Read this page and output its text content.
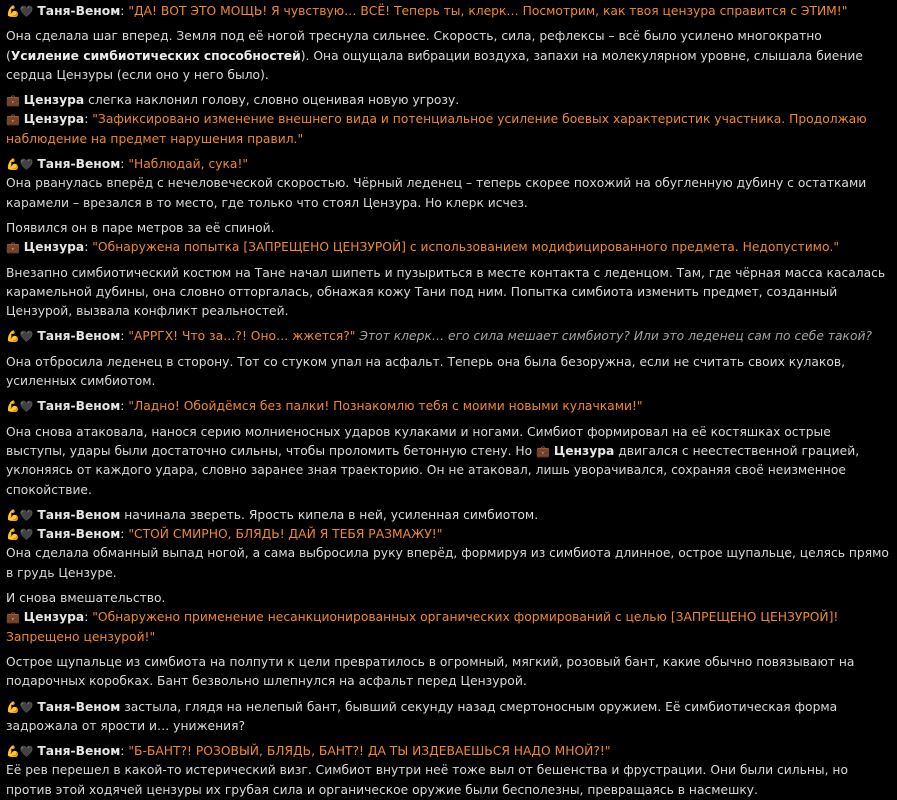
💪🖤 Таня-Веном: "ДА! ВОТ ЭТО МОЩЬ! Я чувствую… ВСЁ! Теперь ты, клерк… Посмотрим, как твоя цензура справится с ЭТИМ!"
Она сделала шаг вперед. Земля под её ногой треснула сильнее. Скорость, сила, рефлексы – всё было усилено многократно (Усиление симбиотических способностей). Она ощущала вибрации воздуха, запахи на молекулярном уровне, слышала биение сердца Цензуры (если оно у него было).
💼 Цензура слегка наклонил голову, словно оценивая новую угрозу.
💼 Цензура: "Зафиксировано изменение внешнего вида и потенциальное усиление боевых характеристик участника. Продолжаю наблюдение на предмет нарушения правил."
💪🖤 Таня-Веном: "Наблюдай, сука!"
Она рванулась вперёд с нечеловеческой скоростью. Чёрный леденец – теперь скорее похожий на обугленную дубину с остатками карамели – врезался в то место, где только что стоял Цензура. Но клерк исчез.
Появился он в паре метров за её спиной.
💼 Цензура: "Обнаружена попытка [ЗАПРЕЩЕНО ЦЕНЗУРОЙ] с использованием модифицированного предмета. Недопустимо."
Внезапно симбиотический костюм на Тане начал шипеть и пузыриться в месте контакта с леденцом. Там, где чёрная масса касалась карамельной дубины, она словно отторгалась, обнажая кожу Тани под ним. Попытка симбиота изменить предмет, созданный Цензурой, вызвала конфликт реальностей.
💪🖤 Таня-Веном: "АРРГХ! Что за…?! Оно… жжется?" Этот клерк… его сила мешает симбиоту? Или это леденец сам по себе такой?
Она отбросила леденец в сторону. Тот со стуком упал на асфальт. Теперь она была безоружна, если не считать своих кулаков, усиленных симбиотом.
💪🖤 Таня-Веном: "Ладно! Обойдёмся без палки! Познакомлю тебя с моими новыми кулачками!"
Она снова атаковала, нанося серию молниеносных ударов кулаками и ногами. Симбиот формировал на её костяшках острые выступы, удары были достаточно сильны, чтобы проломить бетонную стену. Но 💼 Цензура двигался с неестественной грацией, уклоняясь от каждого удара, словно заранее зная траекторию. Он не атаковал, лишь уворачивался, сохраняя своё неизменное спокойствие.
💪🖤 Таня-Веном начинала звереть. Ярость кипела в ней, усиленная симбиотом.
💪🖤 Таня-Веном: "СТОЙ СМИРНО, БЛЯДЬ! ДАЙ Я ТЕБЯ РАЗМАЖУ!"
Она сделала обманный выпад ногой, а сама выбросила руку вперёд, формируя из симбиота длинное, острое щупальце, целясь прямо в грудь Цензуре.
И снова вмешательство.
💼 Цензура: "Обнаружено применение несанкционированных органических формирований с целью [ЗАПРЕЩЕНО ЦЕНЗУРОЙ]! Запрещено цензурой!"
Острое щупальце из симбиота на полпути к цели превратилось в огромный, мягкий, розовый бант, какие обычно повязывают на подарочных коробках. Бант безвольно шлепнулся на асфальт перед Цензурой.
💪🖤 Таня-Веном застыла, глядя на нелепый бант, бывший секунду назад смертоносным оружием. Её симбиотическая форма задрожала от ярости и… унижения?
💪🖤 Таня-Веном: "Б-БАНТ?! РОЗОВЫЙ, БЛЯДЬ, БАНТ?! ДА ТЫ ИЗДЕВАЕШЬСЯ НАДО МНОЙ?!"
Её рев перешел в какой-то истерический визг. Симбиот внутри неё тоже выл от бешенства и фрустрации. Они были сильны, но против этой ходячей цензуры их грубая сила и органическое оружие были бесполезны, превращаясь в насмешку.
